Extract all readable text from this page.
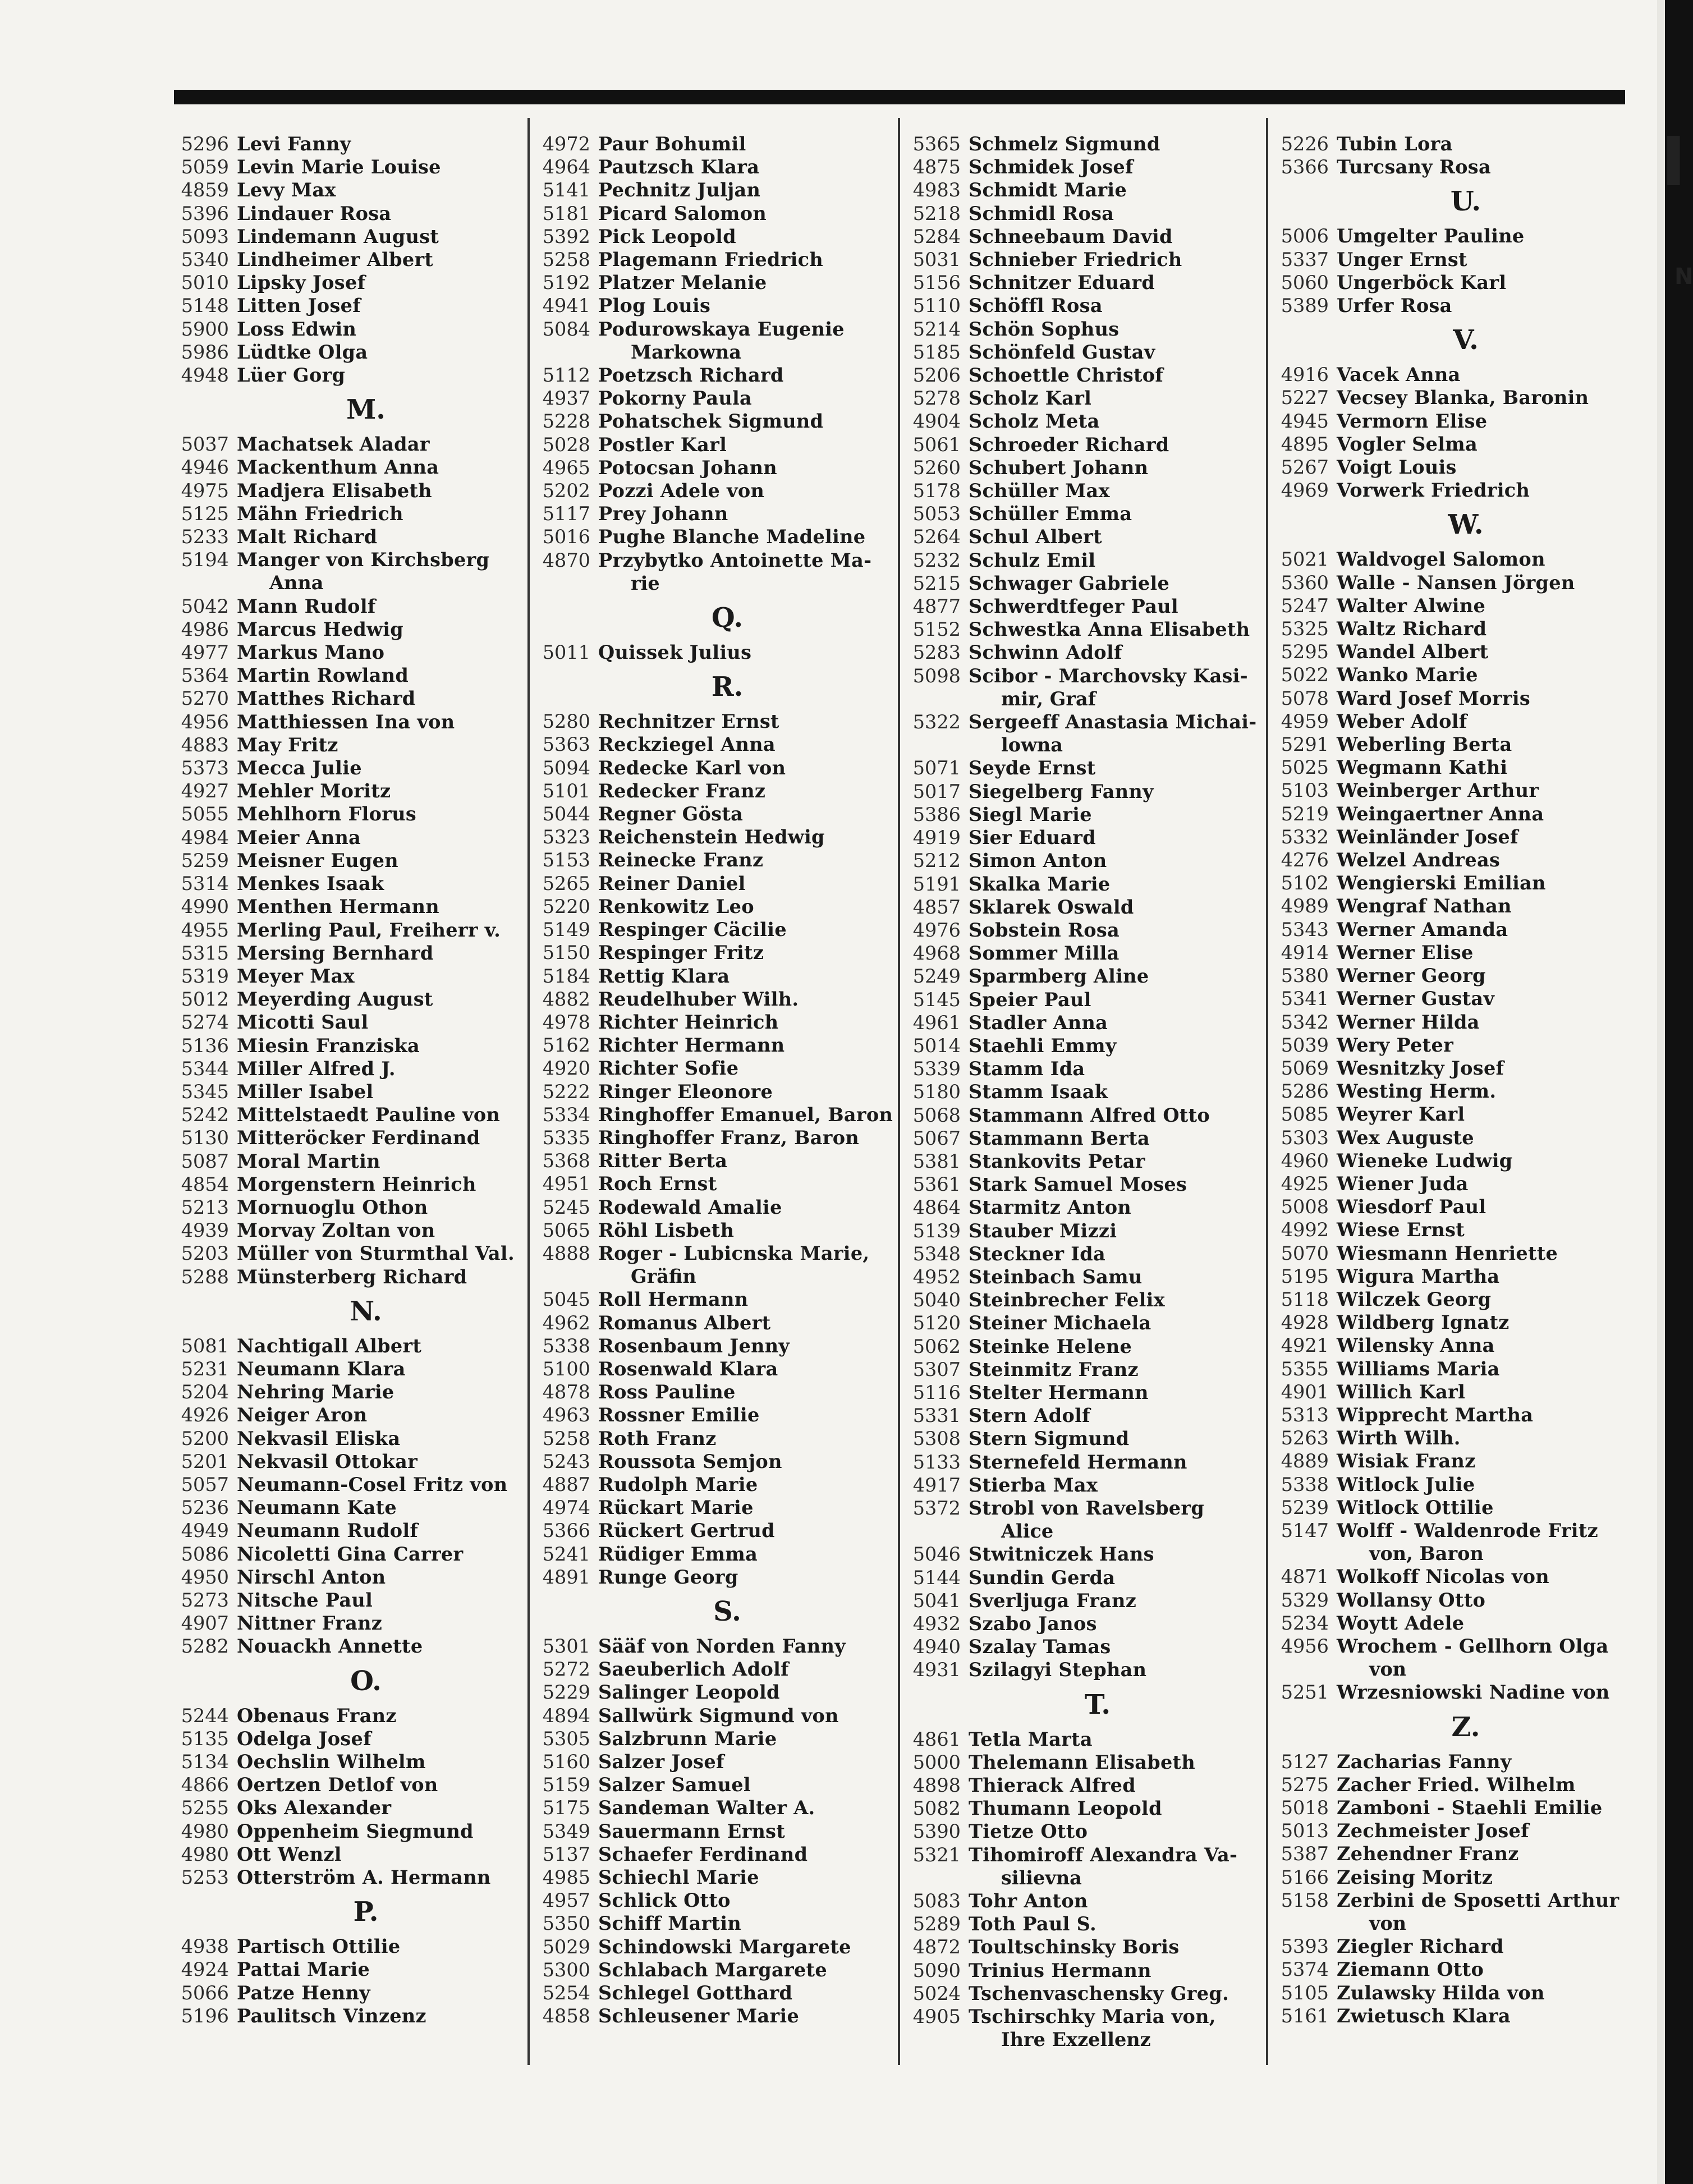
5296 Levi Fanny
5059 Levin Marie Louise
4859 Levy Max
5396 Lindauer Rosa
5093 Lindemann August
5340 Lindheimer Albert
5010 Lipsky Josef
5148 Litten Josef
5900 Loss Edwin
5986 Lüdtke Olga
4948 Lüer Gorg
M.
5037 Machatsek Aladar
4946 Mackenthum Anna
4975 Madjera Elisabeth
5125 Mähn Friedrich
5233 Malt Richard
5194 Manger von Kirchsberg
Anna
5042 Mann Rudolf
4986 Marcus Hedwig
4977 Markus Mano
5364 Martin Rowland
5270 Matthes Richard
4956 Matthiessen Ina von
4883 May Fritz
5373 Mecca Julie
4927 Mehler Moritz
5055 Mehlhorn Florus
4984 Meier Anna
5259 Meisner Eugen
5314 Menkes Isaak
4990 Menthen Hermann
4955 Merling Paul, Freiherr v.
5315 Mersing Bernhard
5319 Meyer Max
5012 Meyerding August
5274 Micotti Saul
5136 Miesin Franziska
5344 Miller Alfred J.
5345 Miller Isabel
5242 Mittelstaedt Pauline von
5130 Mitteröcker Ferdinand
5087 Moral Martin
4854 Morgenstern Heinrich
5213 Mornuoglu Othon
4939 Morvay Zoltan von
5203 Müller von Sturmthal Val.
5288 Münsterberg Richard
N.
5081 Nachtigall Albert
5231 Neumann Klara
5204 Nehring Marie
4926 Neiger Aron
5200 Nekvasil Eliska
5201 Nekvasil Ottokar
5057 Neumann-Cosel Fritz von
5236 Neumann Kate
4949 Neumann Rudolf
5086 Nicoletti Gina Carrer
4950 Nirschl Anton
5273 Nitsche Paul
4907 Nittner Franz
5282 Nouackh Annette
O.
5244 Obenaus Franz
5135 Odelga Josef
5134 Oechslin Wilhelm
4866 Oertzen Detlof von
5255 Oks Alexander
4980 Oppenheim Siegmund
4980 Ott Wenzl
5253 Otterström A. Hermann
P.
4938 Partisch Ottilie
4924 Pattai Marie
5066 Patze Henny
5196 Paulitsch Vinzenz
4972 Paur Bohumil
4964 Pautzsch Klara
5141 Pechnitz Juljan
5181 Picard Salomon
5392 Pick Leopold
5258 Plagemann Friedrich
5192 Platzer Melanie
4941 Plog Louis
5084 Podurowskaya Eugenie
Markowna
5112 Poetzsch Richard
4937 Pokorny Paula
5228 Pohatschek Sigmund
5028 Postler Karl
4965 Potocsan Johann
5202 Pozzi Adele von
5117 Prey Johann
5016 Pughe Blanche Madeline
4870 Przybytko Antoinette Ma-
rie
Q.
5011 Quissek Julius
R.
5280 Rechnitzer Ernst
5363 Reckziegel Anna
5094 Redecke Karl von
5101 Redecker Franz
5044 Regner Gösta
5323 Reichenstein Hedwig
5153 Reinecke Franz
5265 Reiner Daniel
5220 Renkowitz Leo
5149 Respinger Cäcilie
5150 Respinger Fritz
5184 Rettig Klara
4882 Reudelhuber Wilh.
4978 Richter Heinrich
5162 Richter Hermann
4920 Richter Sofie
5222 Ringer Eleonore
5334 Ringhoffer Emanuel, Baron
5335 Ringhoffer Franz, Baron
5368 Ritter Berta
4951 Roch Ernst
5245 Rodewald Amalie
5065 Röhl Lisbeth
4888 Roger - Lubicnska Marie,
Gräfin
5045 Roll Hermann
4962 Romanus Albert
5338 Rosenbaum Jenny
5100 Rosenwald Klara
4878 Ross Pauline
4963 Rossner Emilie
5258 Roth Franz
5243 Roussota Semjon
4887 Rudolph Marie
4974 Rückart Marie
5366 Rückert Gertrud
5241 Rüdiger Emma
4891 Runge Georg
S.
5301 Sääf von Norden Fanny
5272 Saeuberlich Adolf
5229 Salinger Leopold
4894 Sallwürk Sigmund von
5305 Salzbrunn Marie
5160 Salzer Josef
5159 Salzer Samuel
5175 Sandeman Walter A.
5349 Sauermann Ernst
5137 Schaefer Ferdinand
4985 Schiechl Marie
4957 Schlick Otto
5350 Schiff Martin
5029 Schindowski Margarete
5300 Schlabach Margarete
5254 Schlegel Gotthard
4858 Schleusener Marie
5365 Schmelz Sigmund
4875 Schmidek Josef
4983 Schmidt Marie
5218 Schmidl Rosa
5284 Schneebaum David
5031 Schnieber Friedrich
5156 Schnitzer Eduard
5110 Schöffl Rosa
5214 Schön Sophus
5185 Schönfeld Gustav
5206 Schoettle Christof
5278 Scholz Karl
4904 Scholz Meta
5061 Schroeder Richard
5260 Schubert Johann
5178 Schüller Max
5053 Schüller Emma
5264 Schul Albert
5232 Schulz Emil
5215 Schwager Gabriele
4877 Schwerdtfeger Paul
5152 Schwestka Anna Elisabeth
5283 Schwinn Adolf
5098 Scibor - Marchovsky Kasi-
mir, Graf
5322 Sergeeff Anastasia Michai-
lowna
5071 Seyde Ernst
5017 Siegelberg Fanny
5386 Siegl Marie
4919 Sier Eduard
5212 Simon Anton
5191 Skalka Marie
4857 Sklarek Oswald
4976 Sobstein Rosa
4968 Sommer Milla
5249 Sparmberg Aline
5145 Speier Paul
4961 Stadler Anna
5014 Staehli Emmy
5339 Stamm Ida
5180 Stamm Isaak
5068 Stammann Alfred Otto
5067 Stammann Berta
5381 Stankovits Petar
5361 Stark Samuel Moses
4864 Starmitz Anton
5139 Stauber Mizzi
5348 Steckner Ida
4952 Steinbach Samu
5040 Steinbrecher Felix
5120 Steiner Michaela
5062 Steinke Helene
5307 Steinmitz Franz
5116 Stelter Hermann
5331 Stern Adolf
5308 Stern Sigmund
5133 Sternefeld Hermann
4917 Stierba Max
5372 Strobl von Ravelsberg
Alice
5046 Stwitniczek Hans
5144 Sundin Gerda
5041 Sverljuga Franz
4932 Szabo Janos
4940 Szalay Tamas
4931 Szilagyi Stephan
T.
4861 Tetla Marta
5000 Thelemann Elisabeth
4898 Thierack Alfred
5082 Thumann Leopold
5390 Tietze Otto
5321 Tihomiroff Alexandra Va-
silievna
5083 Tohr Anton
5289 Toth Paul S.
4872 Toultschinsky Boris
5090 Trinius Hermann
5024 Tschenvaschensky Greg.
4905 Tschirschky Maria von,
Ihre Exzellenz
5226 Tubin Lora
5366 Turcsany Rosa
U.
5006 Umgelter Pauline
5337 Unger Ernst
5060 Ungerböck Karl
5389 Urfer Rosa
V.
4916 Vacek Anna
5227 Vecsey Blanka, Baronin
4945 Vermorn Elise
4895 Vogler Selma
5267 Voigt Louis
4969 Vorwerk Friedrich
W.
5021 Waldvogel Salomon
5360 Walle - Nansen Jörgen
5247 Walter Alwine
5325 Waltz Richard
5295 Wandel Albert
5022 Wanko Marie
5078 Ward Josef Morris
4959 Weber Adolf
5291 Weberling Berta
5025 Wegmann Kathi
5103 Weinberger Arthur
5219 Weingaertner Anna
5332 Weinländer Josef
4276 Welzel Andreas
5102 Wengierski Emilian
4989 Wengraf Nathan
5343 Werner Amanda
4914 Werner Elise
5380 Werner Georg
5341 Werner Gustav
5342 Werner Hilda
5039 Wery Peter
5069 Wesnitzky Josef
5286 Westing Herm.
5085 Weyrer Karl
5303 Wex Auguste
4960 Wieneke Ludwig
4925 Wiener Juda
5008 Wiesdorf Paul
4992 Wiese Ernst
5070 Wiesmann Henriette
5195 Wigura Martha
5118 Wilczek Georg
4928 Wildberg Ignatz
4921 Wilensky Anna
5355 Williams Maria
4901 Willich Karl
5313 Wipprecht Martha
5263 Wirth Wilh.
4889 Wisiak Franz
5338 Witlock Julie
5239 Witlock Ottilie
5147 Wolff - Waldenrode Fritz
von, Baron
4871 Wolkoff Nicolas von
5329 Wollansy Otto
5234 Woytt Adele
4956 Wrochem - Gellhorn Olga
von
5251 Wrzesniowski Nadine von
Z.
5127 Zacharias Fanny
5275 Zacher Fried. Wilhelm
5018 Zamboni - Staehli Emilie
5013 Zechmeister Josef
5387 Zehendner Franz
5166 Zeising Moritz
5158 Zerbini de Sposetti Arthur
von
5393 Ziegler Richard
5374 Ziemann Otto
5105 Zulawsky Hilda von
5161 Zwietusch Klara
I
N
